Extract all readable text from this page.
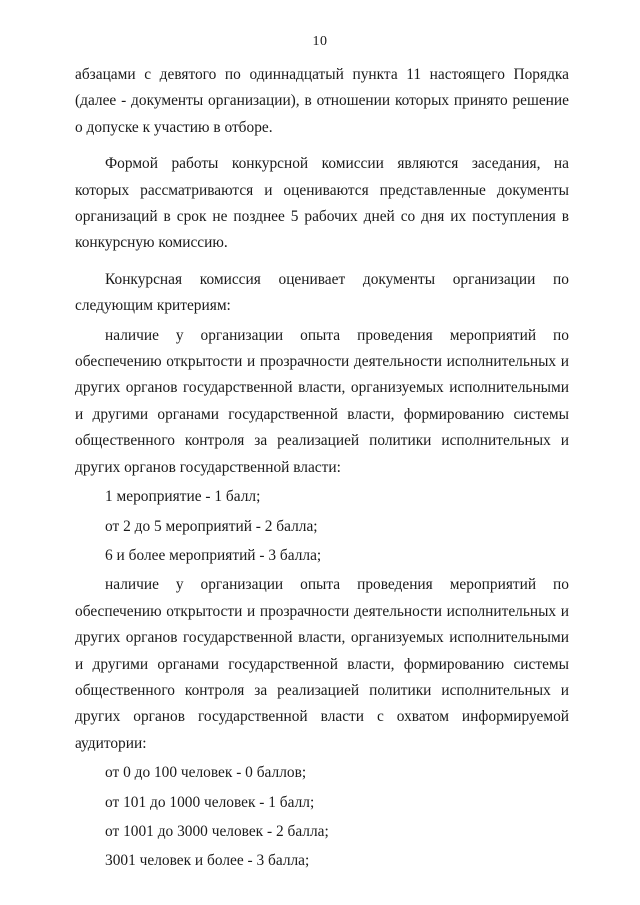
10

абзацами с девятого по одиннадцатый пункта 11 настоящего Порядка (далее - документы организации), в отношении которых принято решение о допуске к участию в отборе.

Формой работы конкурсной комиссии являются заседания, на которых рассматриваются и оцениваются представленные документы организаций в срок не позднее 5 рабочих дней со дня их поступления в конкурсную комиссию.

Конкурсная комиссия оценивает документы организации по следующим критериям:

наличие у организации опыта проведения мероприятий по обеспечению открытости и прозрачности деятельности исполнительных и других органов государственной власти, организуемых исполнительными и другими органами государственной власти, формированию системы общественного контроля за реализацией политики исполнительных и других органов государственной власти:

1 мероприятие - 1 балл;

от 2 до 5 мероприятий - 2 балла;

6 и более мероприятий - 3 балла;

наличие у организации опыта проведения мероприятий по обеспечению открытости и прозрачности деятельности исполнительных и других органов государственной власти, организуемых исполнительными и другими органами государственной власти, формированию системы общественного контроля за реализацией политики исполнительных и других органов государственной власти с охватом информируемой аудитории:

от 0 до 100 человек - 0 баллов;

от 101 до 1000 человек - 1 балл;

от 1001 до 3000 человек - 2 балла;

3001 человек и более - 3 балла;
